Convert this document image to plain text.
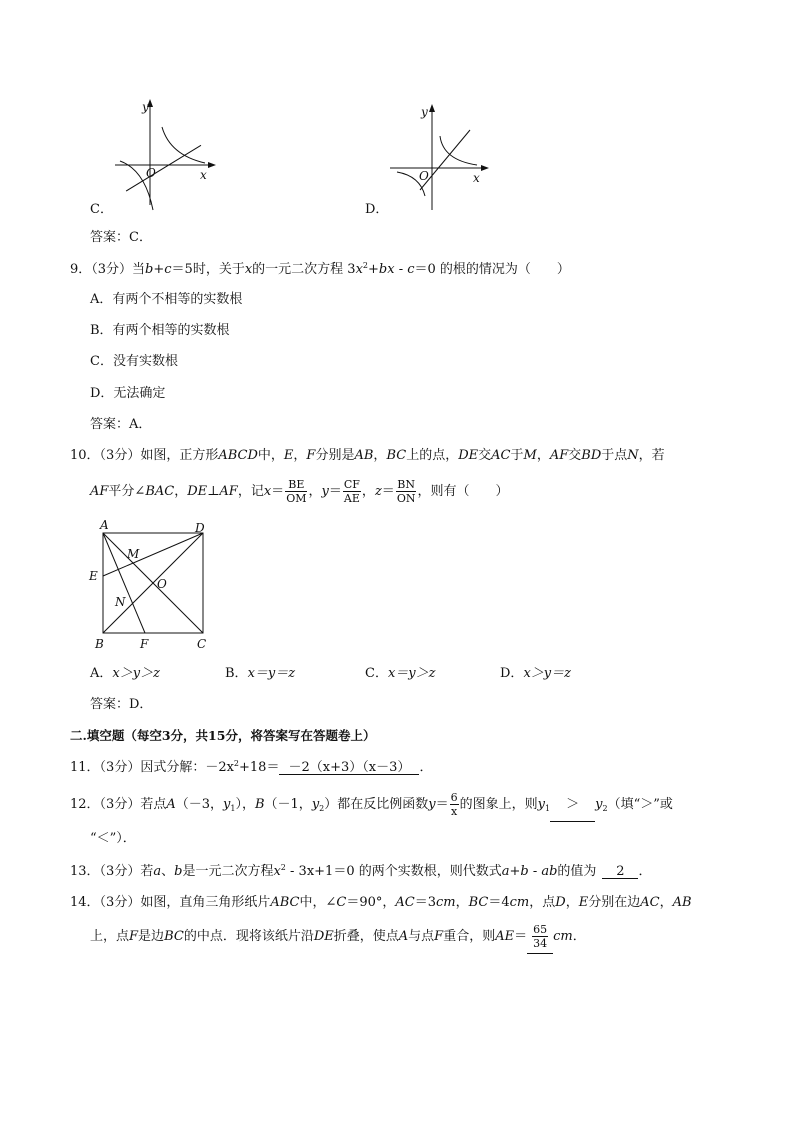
y
x
O
C．
y
x
O
D．
答案：C．
9．（3分）当b+c＝5时，关于x的一元二次方程 $3x^2+bx - c=0$ 的根的情况为（　　）
A．有两个不相等的实数根
B．有两个相等的实数根
C．没有实数根
D．无法确定
答案：A．
10．（3分）如图，正方形ABCD中，E，F分别是AB，BC上的点，DE交AC于M，AF交BD于点N，若
AF平分∠BAC，DE⊥AF，记$x= \frac{BE}{OM}$ ，$y= \frac{CF}{AE}$ ，$z= \frac{BN}{ON}$ ，则有（　　）
A	D
M
E
O
N
B	F	C
A．x＞y＞z	B．x＝y＝z	C．x＝y＞z	D．x＞y＝z
答案：D．
二.填空题（每空3分，共15分，将答案写在答题卷上）
11．（3分）因式分解：$-2x^2+18=-2(x+3)(x-3)$ ．
12．（3分）若点A（－3，$y_1$），B（－1，$y_2$）都在反比例函数$y= \frac{6}{x}$ 的图象上，则$y_1 > y_2$（填“＞”或
“＜”）．
13．（3分）若a、b是一元二次方程$x^2 - 3x+1=0$ 的两个实数根，则代数式a+b - ab的值为 2 ．
14．（3分）如图，直角三角形纸片ABC中，∠C＝90°，AC＝3cm，BC＝4cm，点D，E分别在边AC，AB
上，点F是边BC的中点．现将该纸片沿DE折叠，使点A与点F重合，则$AE= \frac{65}{34}$ cm．
